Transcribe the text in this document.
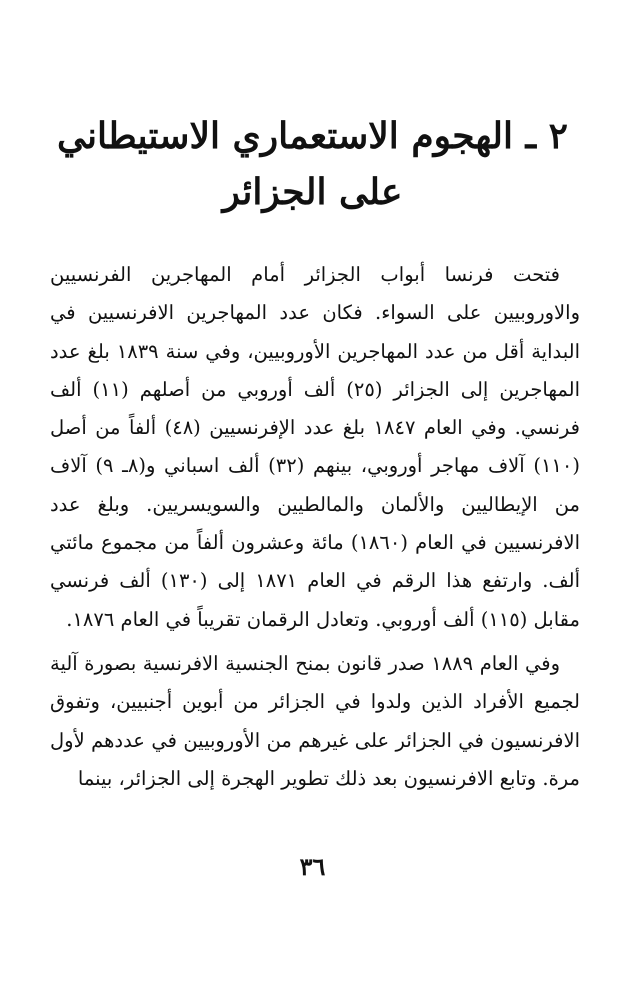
٢ ـ الهجوم الاستعماري الاستيطاني
على الجزائر

فتحت فرنسا أبواب الجزائر أمام المهاجرين الفرنسيين والاوروبيين على السواء. فكان عدد المهاجرين الافرنسيين في البداية أقل من عدد المهاجرين الأوروبيين، وفي سنة ١٨٣٩ بلغ عدد المهاجرين إلى الجزائر (٢٥) ألف أوروبي من أصلهم (١١) ألف فرنسي. وفي العام ١٨٤٧ بلغ عدد الإفرنسيين (٤٨) ألفاً من أصل (١١٠) آلاف مهاجر أوروبي، بينهم (٣٢) ألف اسباني و(٨ـ ٩) آلاف من الإيطاليين والألمان والمالطيين والسويسريين. وبلغ عدد الافرنسيين في العام (١٨٦٠) مائة وعشرون ألفاً من مجموع مائتي ألف. وارتفع هذا الرقم في العام ١٨٧١ إلى (١٣٠) ألف فرنسي مقابل (١١٥) ألف أوروبي. وتعادل الرقمان تقريباً في العام ١٨٧٦.

وفي العام ١٨٨٩ صدر قانون بمنح الجنسية الافرنسية بصورة آلية لجميع الأفراد الذين ولدوا في الجزائر من أبوين أجنبيين، وتفوق الافرنسيون في الجزائر على غيرهم من الأوروبيين في عددهم لأول مرة. وتابع الافرنسيون بعد ذلك تطوير الهجرة إلى الجزائر، بينما

٣٦
